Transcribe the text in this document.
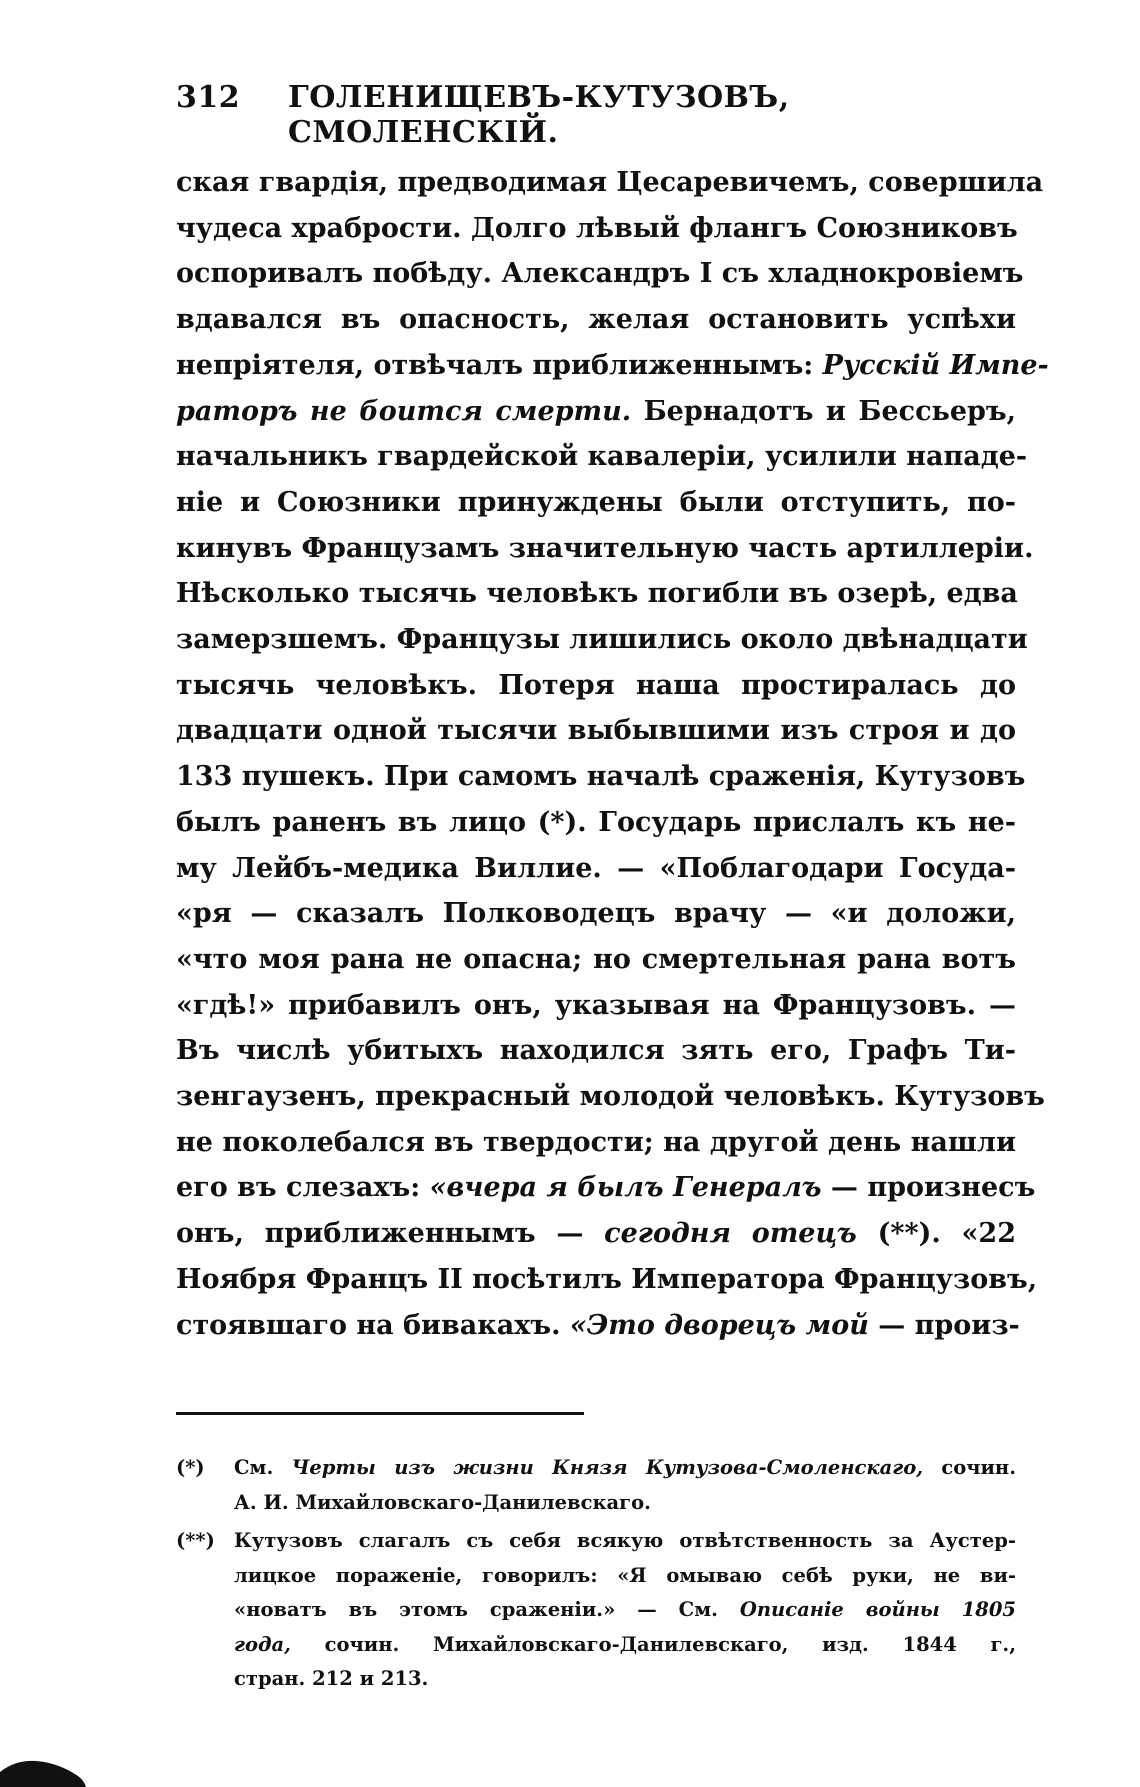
312	ГОЛЕНИЩЕВЪ-КУТУЗОВЪ, СМОЛЕНСКІЙ.
ская гвардія, предводимая Цесаревичемъ, совершила
чудеса храбрости. Долго лѣвый флангъ Союзниковъ
оспоривалъ побѣду. Александръ I съ хладнокровіемъ
вдавался въ опасность, желая остановить успѣхи
непріятеля, отвѣчалъ приближеннымъ: Русскій Импе-
раторъ не боится смерти. Бернадотъ и Бессьеръ,
начальникъ гвардейской кавалеріи, усилили нападе-
ніе и Союзники принуждены были отступить, по-
кинувъ Французамъ значительную часть артиллеріи.
Нѣсколько тысячь человѣкъ погибли въ озерѣ, едва
замерзшемъ. Французы лишились около двѣнадцати
тысячь человѣкъ. Потеря наша простиралась до
двадцати одной тысячи выбывшими изъ строя и до
133 пушекъ. При самомъ началѣ сраженія, Кутузовъ
былъ раненъ въ лицо (*). Государь прислалъ къ не-
му Лейбъ-медика Виллие. — «Поблагодари Госуда-
«ря — сказалъ Полководецъ врачу — «и доложи,
«что моя рана не опасна; но смертельная рана вотъ
«гдѣ!» прибавилъ онъ, указывая на Французовъ. —
Въ числѣ убитыхъ находился зять его, Графъ Ти-
зенгаузенъ, прекрасный молодой человѣкъ. Кутузовъ
не поколебался въ твердости; на другой день нашли
его въ слезахъ: «вчера я былъ Генералъ — произнесъ
онъ, приближеннымъ — сегодня отецъ (**). «22
Ноября Францъ II посѣтилъ Императора Французовъ,
стоявшаго на бивакахъ. «Это дворецъ мой — произ-
(*)	См. Черты изъ жизни Князя Кутузова-Смоленскаго, сочин.
А. И. Михайловскаго-Данилевскаго.
(**) Кутузовъ слагалъ съ себя всякую отвѣтственность за Аустер-
лицкое пораженіе, говорилъ: «Я омываю себѣ руки, не ви-
«новатъ въ этомъ сраженіи.» — См. Описаніе войны 1805
года, сочин. Михайловскаго-Данилевскаго, изд. 1844 г.,
стран. 212 и 213.
